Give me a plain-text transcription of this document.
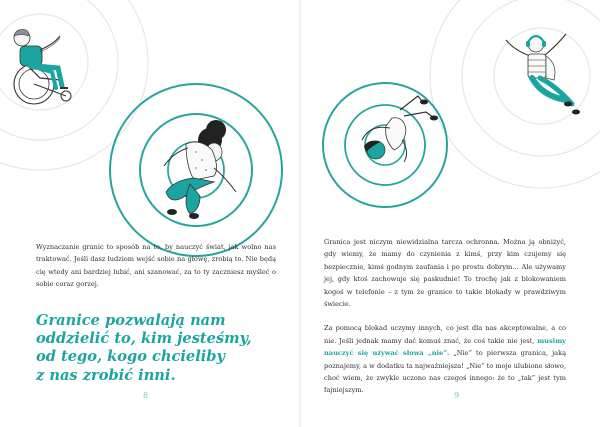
Wyznaczanie granic to sposób na to, by nauczyć świat, jak wolno nas traktować. Jeśli dasz ludziom wejść sobie na głowę, zrobią to. Nie będą cię wtedy ani bardziej lubić, ani szanować, za to ty zaczniesz myśleć o sobie coraz gorzej.

Granice pozwalają nam
oddzielić to, kim jesteśmy,
od tego, kogo chcieliby
z nas zrobić inni.
8

Granica jest niczym niewidzialna tarcza ochronna. Można ją obniżyć, gdy wiemy, że mamy do czynienia z kimś, przy kim czujemy się bezpiecznie, kimś godnym zaufania i po prostu dobrym… Ale używamy jej, gdy ktoś zachowuje się paskudnie! To trochę jak z blokowaniem kogoś w telefonie – z tym że granice to takie blokady w prawdziwym świecie.

Za pomocą blokad uczymy innych, co jest dla nas akceptowalne, a co nie. Jeśli jednak mamy dać komuś znać, że coś takie nie jest, musimy nauczyć się używać słowa „nie”. „Nie” to pierwsza granica, jaką poznajemy, a w dodatku ta najważniejsza! „Nie” to moje ulubione słowo, choć wiem, że zwykle uczono nas czegoś innego: że to „tak” jest tym fajniejszym.

9
